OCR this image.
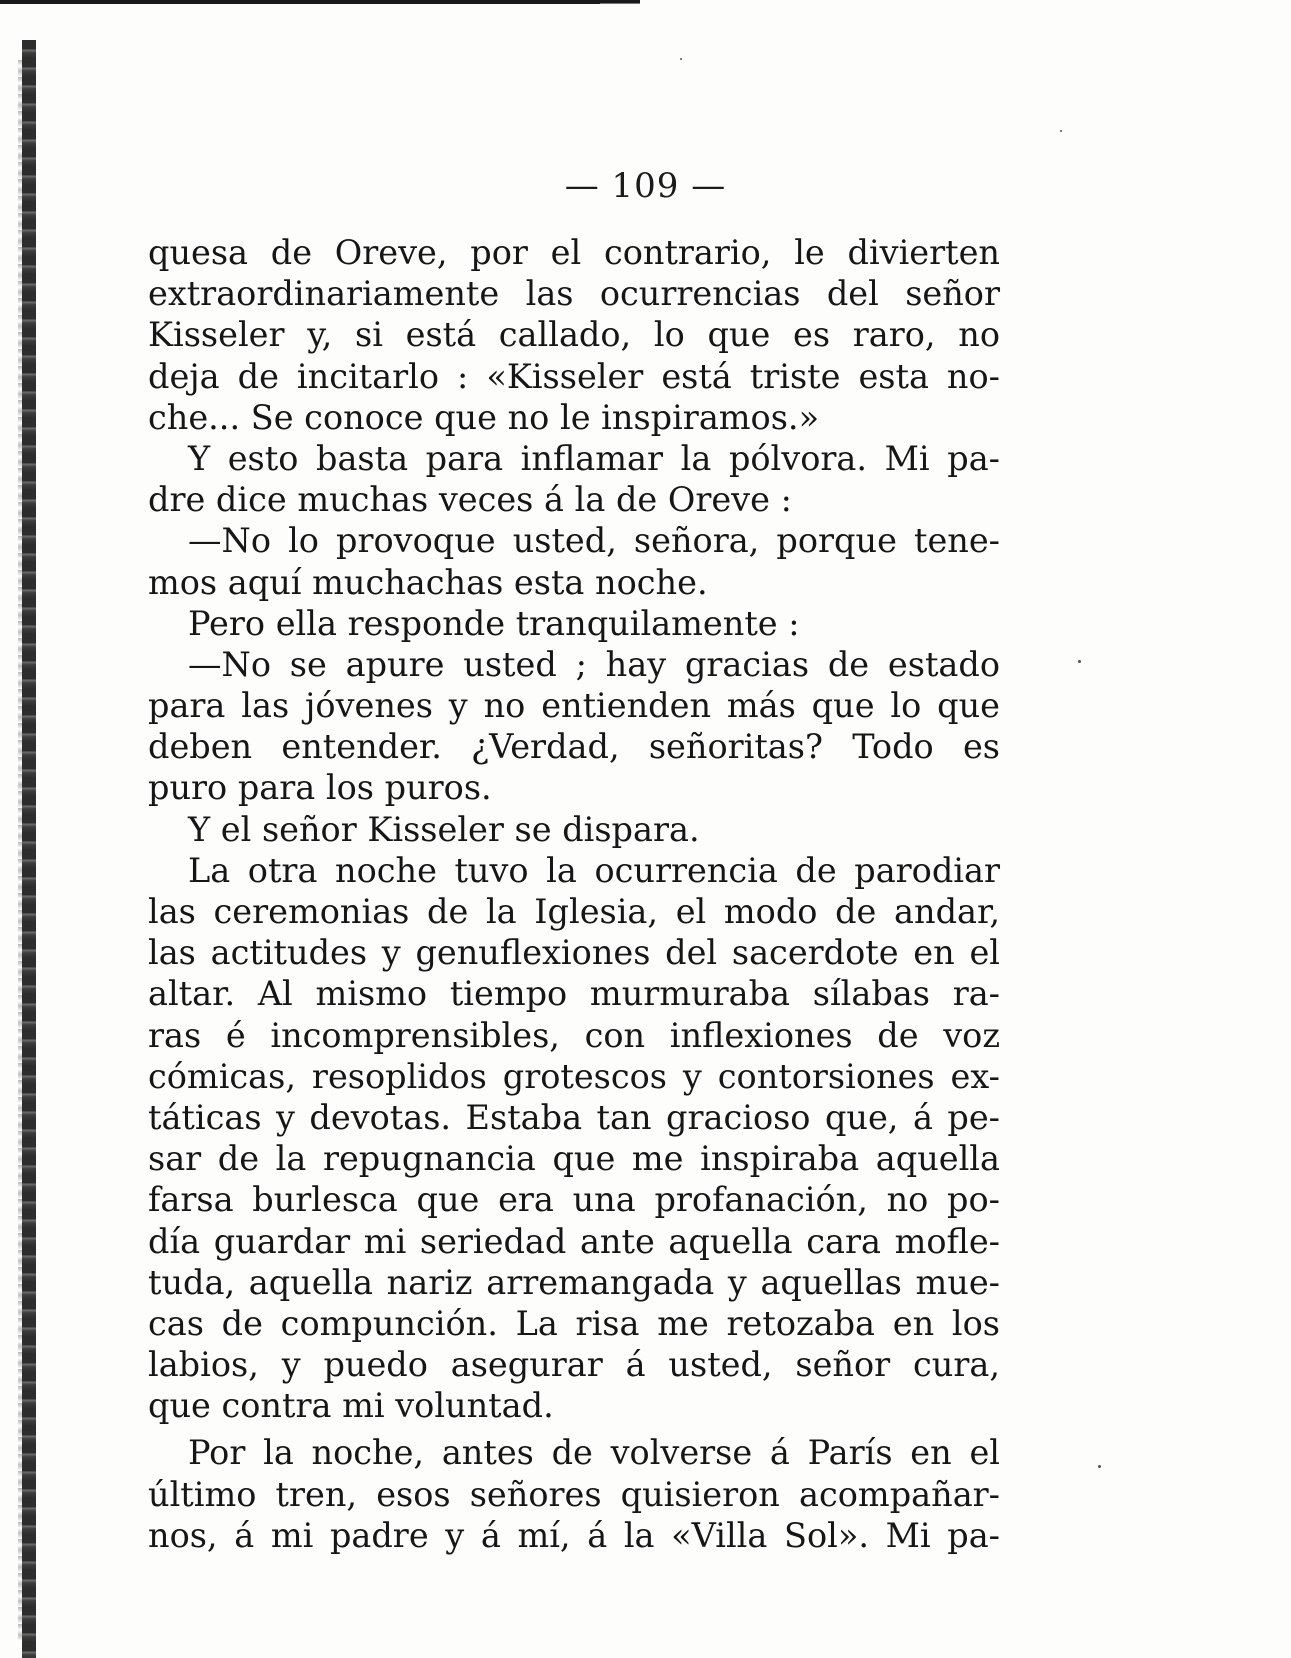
— 109 —
quesa de Oreve, por el contrario, le divierten
extraordinariamente las ocurrencias del señor
Kisseler y, si está callado, lo que es raro, no
deja de incitarlo : «Kisseler está triste esta no-
che... Se conoce que no le inspiramos.»
Y esto basta para inflamar la pólvora. Mi pa-
dre dice muchas veces á la de Oreve :
—No lo provoque usted, señora, porque tene-
mos aquí muchachas esta noche.
Pero ella responde tranquilamente :
—No se apure usted ; hay gracias de estado
para las jóvenes y no entienden más que lo que
deben entender. ¿Verdad, señoritas? Todo es
puro para los puros.
Y el señor Kisseler se dispara.
La otra noche tuvo la ocurrencia de parodiar
las ceremonias de la Iglesia, el modo de andar,
las actitudes y genuflexiones del sacerdote en el
altar. Al mismo tiempo murmuraba sílabas ra-
ras é incomprensibles, con inflexiones de voz
cómicas, resoplidos grotescos y contorsiones ex-
táticas y devotas. Estaba tan gracioso que, á pe-
sar de la repugnancia que me inspiraba aquella
farsa burlesca que era una profanación, no po-
día guardar mi seriedad ante aquella cara mofle-
tuda, aquella nariz arremangada y aquellas mue-
cas de compunción. La risa me retozaba en los
labios, y puedo asegurar á usted, señor cura,
que contra mi voluntad.
Por la noche, antes de volverse á París en el
último tren, esos señores quisieron acompañar-
nos, á mi padre y á mí, á la «Villa Sol». Mi pa-
